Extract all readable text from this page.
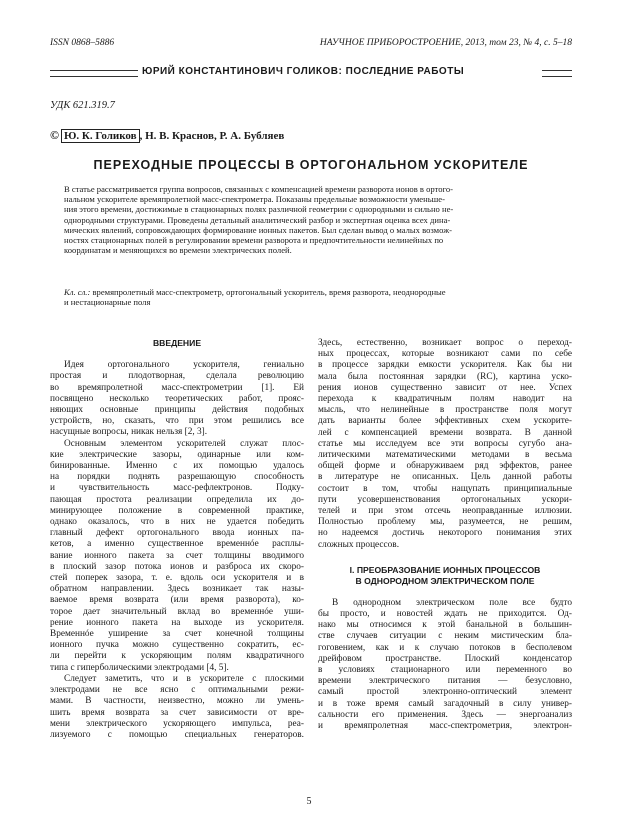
ISSN 0868–5886	НАУЧНОЕ ПРИБОРОСТРОЕНИЕ, 2013, том 23, № 4, с. 5–18
ЮРИЙ КОНСТАНТИНОВИЧ ГОЛИКОВ: ПОСЛЕДНИЕ РАБОТЫ
УДК 621.319.7
© Ю. К. Голиков , Н. В. Краснов, Р. А. Бубляев
ПЕРЕХОДНЫЕ ПРОЦЕССЫ В ОРТОГОНАЛЬНОМ УСКОРИТЕЛЕ
В статье рассматривается группа вопросов, связанных с компенсацией времени разворота ионов в ортого-
нальном ускорителе времяпролетной масс-спектрометра. Показаны предельные возможности уменьше-
ния этого времени, достижимые в стационарных полях различной геометрии с однородными и сильно не-
однородными структурами. Проведены детальный аналитический разбор и экспертная оценка всех дина-
мических явлений, сопровождающих формирование ионных пакетов. Был сделан вывод о малых возмож-
ностях стационарных полей в регулировании времени разворота и предпочтительности нелинейных по
координатам и меняющихся во времени электрических полей.
Кл. сл.: времяпролетный масс-спектрометр, ортогональный ускоритель, время разворота, неоднородные
и нестационарные поля
ВВЕДЕНИЕ
Идея ортогонального ускорителя, гениально
простая и плодотворная, сделала революцию
во времяпролетной масс-спектрометрии [1]. Ей
посвящено несколько теоретических работ, прояс-
няющих основные принципы действия подобных
устройств, но, сказать, что при этом решились все
насущные вопросы, никак нельзя [2, 3].
Основным элементом ускорителей служат плос-
кие электрические зазоры, одинарные или ком-
бинированные. Именно с их помощью удалось
на порядки поднять разрешающую способность
и чувствительность масс-рефлектронов. Подку-
пающая простота реализации определила их до-
минирующее положение в современной практике,
однако оказалось, что в них не удается победить
главный дефект ортогонального ввода ионных па-
кетов, а именно существенное временнóе расплы-
вание ионного пакета за счет толщины вводимого
в плоский зазор потока ионов и разброса их скоро-
стей поперек зазора, т. е. вдоль оси ускорителя и в
обратном направлении. Здесь возникает так назы-
ваемое время возврата (или время разворота), ко-
торое дает значительный вклад во временнóе уши-
рение ионного пакета на выходе из ускорителя.
Временнóе уширение за счет конечной толщины
ионного пучка можно существенно сократить, ес-
ли перейти к ускоряющим полям квадратичного
типа с гиперболическими электродами [4, 5].
Следует заметить, что и в ускорителе с плоскими
электродами не все ясно с оптимальными режи-
мами. В частности, неизвестно, можно ли умень-
шить время возврата за счет зависимости от вре-
мени электрического ускоряющего импульса, реа-
лизуемого с помощью специальных генераторов.
Здесь, естественно, возникает вопрос о переход-
ных процессах, которые возникают сами по себе
в процессе зарядки емкости ускорителя. Как бы ни
мала была постоянная зарядки (RC), картина уско-
рения ионов существенно зависит от нее. Успех
перехода к квадратичным полям наводит на
мысль, что нелинейные в пространстве поля могут
дать варианты более эффективных схем ускорите-
лей с компенсацией времени возврата. В данной
статье мы исследуем все эти вопросы сугубо ана-
литическими математическими методами в весьма
общей форме и обнаруживаем ряд эффектов, ранее
в литературе не описанных. Цель данной работы
состоит в том, чтобы нащупать принципиальные
пути усовершенствования ортогональных ускори-
телей и при этом отсечь неоправданные иллюзии.
Полностью проблему мы, разумеется, не решим,
но надеемся достичь некоторого понимания этих
сложных процессов.
I. ПРЕОБРАЗОВАНИЕ ИОННЫХ ПРОЦЕССОВ
В ОДНОРОДНОМ ЭЛЕКТРИЧЕСКОМ ПОЛЕ
В однородном электрическом поле все будто
бы просто, и новостей ждать не приходится. Од-
нако мы относимся к этой банальной в большин-
стве случаев ситуации с неким мистическим бла-
гоговением, как и к случаю потоков в бесполевом
дрейфовом пространстве. Плоский конденсатор
в условиях стационарного или переменного во
времени электрического питания — безусловно,
самый простой электронно-оптический элемент
и в тоже время самый загадочный в силу универ-
сальности его применения. Здесь — энергоанализ
и времяпролетная масс-спектрометрия, электрон-
5
